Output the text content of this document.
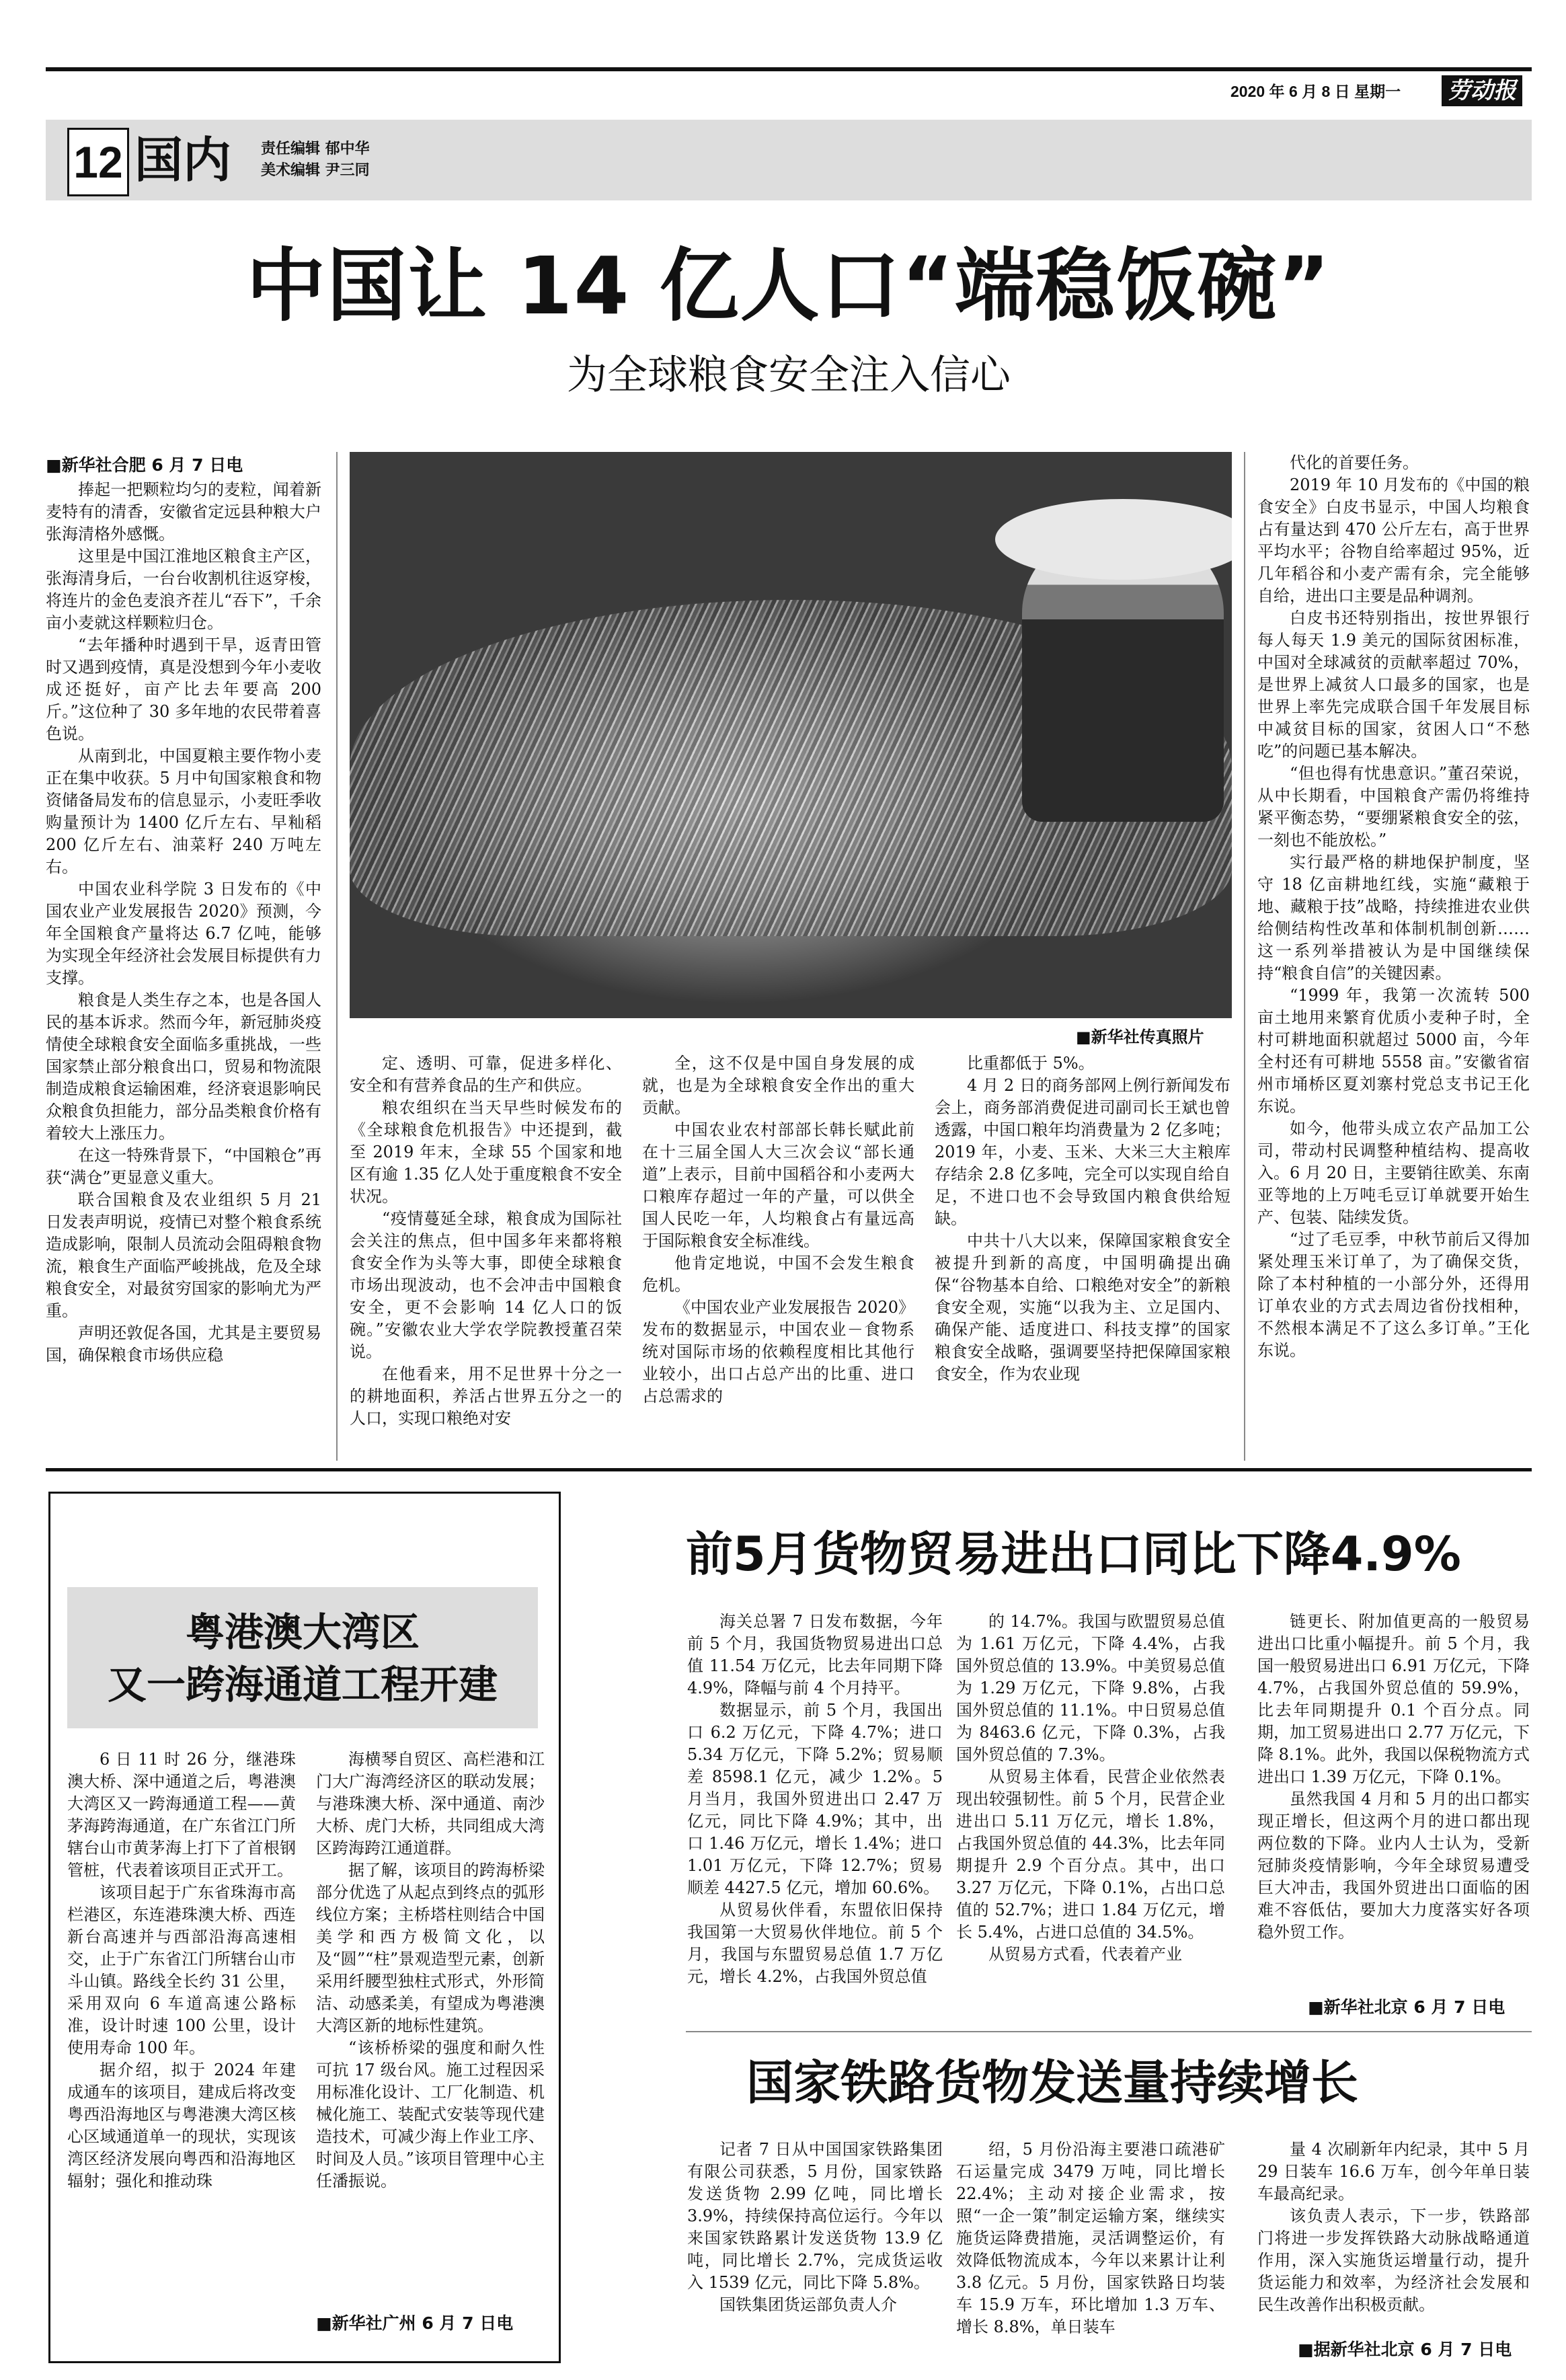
2020 年 6 月 8 日 星期一 劳动报
12 国内 责任编辑 郁中华
美术编辑 尹三同
中国让 14 亿人口“端稳饭碗”
为全球粮食安全注入信心
■新华社合肥 6 月 7 日电

捧起一把颗粒均匀的麦粒，闻着新麦特有的清香，安徽省定远县种粮大户张海清格外感慨。

这里是中国江淮地区粮食主产区，张海清身后，一台台收割机往返穿梭，将连片的金色麦浪齐茬儿“吞下”，千余亩小麦就这样颗粒归仓。

“去年播种时遇到干旱，返青田管时又遇到疫情，真是没想到今年小麦收成还挺好，亩产比去年要高 200 斤。”这位种了 30 多年地的农民带着喜色说。

从南到北，中国夏粮主要作物小麦正在集中收获。5 月中旬国家粮食和物资储备局发布的信息显示，小麦旺季收购量预计为 1400 亿斤左右、早籼稻 200 亿斤左右、油菜籽 240 万吨左右。

中国农业科学院 3 日发布的《中国农业产业发展报告 2020》预测，今年全国粮食产量将达 6.7 亿吨，能够为实现全年经济社会发展目标提供有力支撑。

粮食是人类生存之本，也是各国人民的基本诉求。然而今年，新冠肺炎疫情使全球粮食安全面临多重挑战，一些国家禁止部分粮食出口，贸易和物流限制造成粮食运输困难，经济衰退影响民众粮食负担能力，部分品类粮食价格有着较大上涨压力。

在这一特殊背景下，“中国粮仓”再获“满仓”更显意义重大。

联合国粮食及农业组织 5 月 21 日发表声明说，疫情已对整个粮食系统造成影响，限制人员流动会阻碍粮食物流，粮食生产面临严峻挑战，危及全球粮食安全，对最贫穷国家的影响尤为严重。

声明还敦促各国，尤其是主要贸易国，确保粮食市场供应稳

■新华社传真照片

定、透明、可靠，促进多样化、安全和有营养食品的生产和供应。

粮农组织在当天早些时候发布的《全球粮食危机报告》中还提到，截至 2019 年末，全球 55 个国家和地区有逾 1.35 亿人处于重度粮食不安全状况。

“疫情蔓延全球，粮食成为国际社会关注的焦点，但中国多年来都将粮食安全作为头等大事，即使全球粮食市场出现波动，也不会冲击中国粮食安全，更不会影响 14 亿人口的饭碗。”安徽农业大学农学院教授董召荣说。

在他看来，用不足世界十分之一的耕地面积，养活占世界五分之一的人口，实现口粮绝对安

全，这不仅是中国自身发展的成就，也是为全球粮食安全作出的重大贡献。

中国农业农村部部长韩长赋此前在十三届全国人大三次会议“部长通道”上表示，目前中国稻谷和小麦两大口粮库存超过一年的产量，可以供全国人民吃一年，人均粮食占有量远高于国际粮食安全标准线。

他肯定地说，中国不会发生粮食危机。

《中国农业产业发展报告 2020》发布的数据显示，中国农业－食物系统对国际市场的依赖程度相比其他行业较小，出口占总产出的比重、进口占总需求的

比重都低于 5%。

4 月 2 日的商务部网上例行新闻发布会上，商务部消费促进司副司长王斌也曾透露，中国口粮年均消费量为 2 亿多吨；2019 年，小麦、玉米、大米三大主粮库存结余 2.8 亿多吨，完全可以实现自给自足，不进口也不会导致国内粮食供给短缺。

中共十八大以来，保障国家粮食安全被提升到新的高度，中国明确提出确保“谷物基本自给、口粮绝对安全”的新粮食安全观，实施“以我为主、立足国内、确保产能、适度进口、科技支撑”的国家粮食安全战略，强调要坚持把保障国家粮食安全，作为农业现

代化的首要任务。

2019 年 10 月发布的《中国的粮食安全》白皮书显示，中国人均粮食占有量达到 470 公斤左右，高于世界平均水平；谷物自给率超过 95%，近几年稻谷和小麦产需有余，完全能够自给，进出口主要是品种调剂。

白皮书还特别指出，按世界银行每人每天 1.9 美元的国际贫困标准，中国对全球减贫的贡献率超过 70%，是世界上减贫人口最多的国家，也是世界上率先完成联合国千年发展目标中减贫目标的国家，贫困人口“不愁吃”的问题已基本解决。

“但也得有忧患意识。”董召荣说，从中长期看，中国粮食产需仍将维持紧平衡态势，“要绷紧粮食安全的弦，一刻也不能放松。”

实行最严格的耕地保护制度，坚守 18 亿亩耕地红线，实施“藏粮于地、藏粮于技”战略，持续推进农业供给侧结构性改革和体制机制创新……这一系列举措被认为是中国继续保持“粮食自信”的关键因素。

“1999 年，我第一次流转 500 亩土地用来繁育优质小麦种子时，全村可耕地面积就超过 5000 亩，今年全村还有可耕地 5558 亩。”安徽省宿州市埇桥区夏刘寨村党总支书记王化东说。

如今，他带头成立农产品加工公司，带动村民调整种植结构、提高收入。6 月 20 日，主要销往欧美、东南亚等地的上万吨毛豆订单就要开始生产、包装、陆续发货。

“过了毛豆季，中秋节前后又得加紧处理玉米订单了，为了确保交货，除了本村种植的一小部分外，还得用订单农业的方式去周边省份找相种，不然根本满足不了这么多订单。”王化东说。

粤港澳大湾区
又一跨海通道工程开建

6 日 11 时 26 分，继港珠澳大桥、深中通道之后，粤港澳大湾区又一跨海通道工程——黄茅海跨海通道，在广东省江门所辖台山市黄茅海上打下了首根钢管桩，代表着该项目正式开工。

该项目起于广东省珠海市高栏港区，东连港珠澳大桥、西连新台高速并与西部沿海高速相交，止于广东省江门所辖台山市斗山镇。路线全长约 31 公里，采用双向 6 车道高速公路标准，设计时速 100 公里，设计使用寿命 100 年。

据介绍，拟于 2024 年建成通车的该项目，建成后将改变粤西沿海地区与粤港澳大湾区核心区域通道单一的现状，实现该湾区经济发展向粤西和沿海地区辐射；强化和推动珠

海横琴自贸区、高栏港和江门大广海湾经济区的联动发展；与港珠澳大桥、深中通道、南沙大桥、虎门大桥，共同组成大湾区跨海跨江通道群。

据了解，该项目的跨海桥梁部分优选了从起点到终点的弧形线位方案；主桥塔柱则结合中国美学和西方极简文化，以及“圆”“柱”景观造型元素，创新采用纤腰型独柱式形式，外形简洁、动感柔美，有望成为粤港澳大湾区新的地标性建筑。

“该桥桥梁的强度和耐久性可抗 17 级台风。施工过程因采用标准化设计、工厂化制造、机械化施工、装配式安装等现代建造技术，可减少海上作业工序、时间及人员。”该项目管理中心主任潘振说。

■新华社广州 6 月 7 日电
前5月货物贸易进出口同比下降4.9%

海关总署 7 日发布数据，今年前 5 个月，我国货物贸易进出口总值 11.54 万亿元，比去年同期下降 4.9%，降幅与前 4 个月持平。

数据显示，前 5 个月，我国出口 6.2 万亿元，下降 4.7%；进口 5.34 万亿元，下降 5.2%；贸易顺差 8598.1 亿元，减少 1.2%。5 月当月，我国外贸进出口 2.47 万亿元，同比下降 4.9%；其中，出口 1.46 万亿元，增长 1.4%；进口 1.01 万亿元，下降 12.7%；贸易顺差 4427.5 亿元，增加 60.6%。

从贸易伙伴看，东盟依旧保持我国第一大贸易伙伴地位。前 5 个月，我国与东盟贸易总值 1.7 万亿元，增长 4.2%，占我国外贸总值

的 14.7%。我国与欧盟贸易总值为 1.61 万亿元，下降 4.4%，占我国外贸总值的 13.9%。中美贸易总值为 1.29 万亿元，下降 9.8%，占我国外贸总值的 11.1%。中日贸易总值为 8463.6 亿元，下降 0.3%，占我国外贸总值的 7.3%。

从贸易主体看，民营企业依然表现出较强韧性。前 5 个月，民营企业进出口 5.11 万亿元，增长 1.8%，占我国外贸总值的 44.3%，比去年同期提升 2.9 个百分点。其中，出口 3.27 万亿元，下降 0.1%，占出口总值的 52.7%；进口 1.84 万亿元，增长 5.4%，占进口总值的 34.5%。

从贸易方式看，代表着产业

链更长、附加值更高的一般贸易进出口比重小幅提升。前 5 个月，我国一般贸易进出口 6.91 万亿元，下降 4.7%，占我国外贸总值的 59.9%，比去年同期提升 0.1 个百分点。同期，加工贸易进出口 2.77 万亿元，下降 8.1%。此外，我国以保税物流方式进出口 1.39 万亿元，下降 0.1%。

虽然我国 4 月和 5 月的出口都实现正增长，但这两个月的进口都出现两位数的下降。业内人士认为，受新冠肺炎疫情影响，今年全球贸易遭受巨大冲击，我国外贸进出口面临的困难不容低估，要加大力度落实好各项稳外贸工作。

■新华社北京 6 月 7 日电
国家铁路货物发送量持续增长

记者 7 日从中国国家铁路集团有限公司获悉，5 月份，国家铁路发送货物 2.99 亿吨，同比增长 3.9%，持续保持高位运行。今年以来国家铁路累计发送货物 13.9 亿吨，同比增长 2.7%，完成货运收入 1539 亿元，同比下降 5.8%。

国铁集团货运部负责人介

绍，5 月份沿海主要港口疏港矿石运量完成 3479 万吨，同比增长 22.4%；主动对接企业需求，按照“一企一策”制定运输方案，继续实施货运降费措施，灵活调整运价，有效降低物流成本，今年以来累计让利 3.8 亿元。5 月份，国家铁路日均装车 15.9 万车，环比增加 1.3 万车、增长 8.8%，单日装车

量 4 次刷新年内纪录，其中 5 月 29 日装车 16.6 万车，创今年单日装车最高纪录。

该负责人表示，下一步，铁路部门将进一步发挥铁路大动脉战略通道作用，深入实施货运增量行动，提升货运能力和效率，为经济社会发展和民生改善作出积极贡献。

■据新华社北京 6 月 7 日电
